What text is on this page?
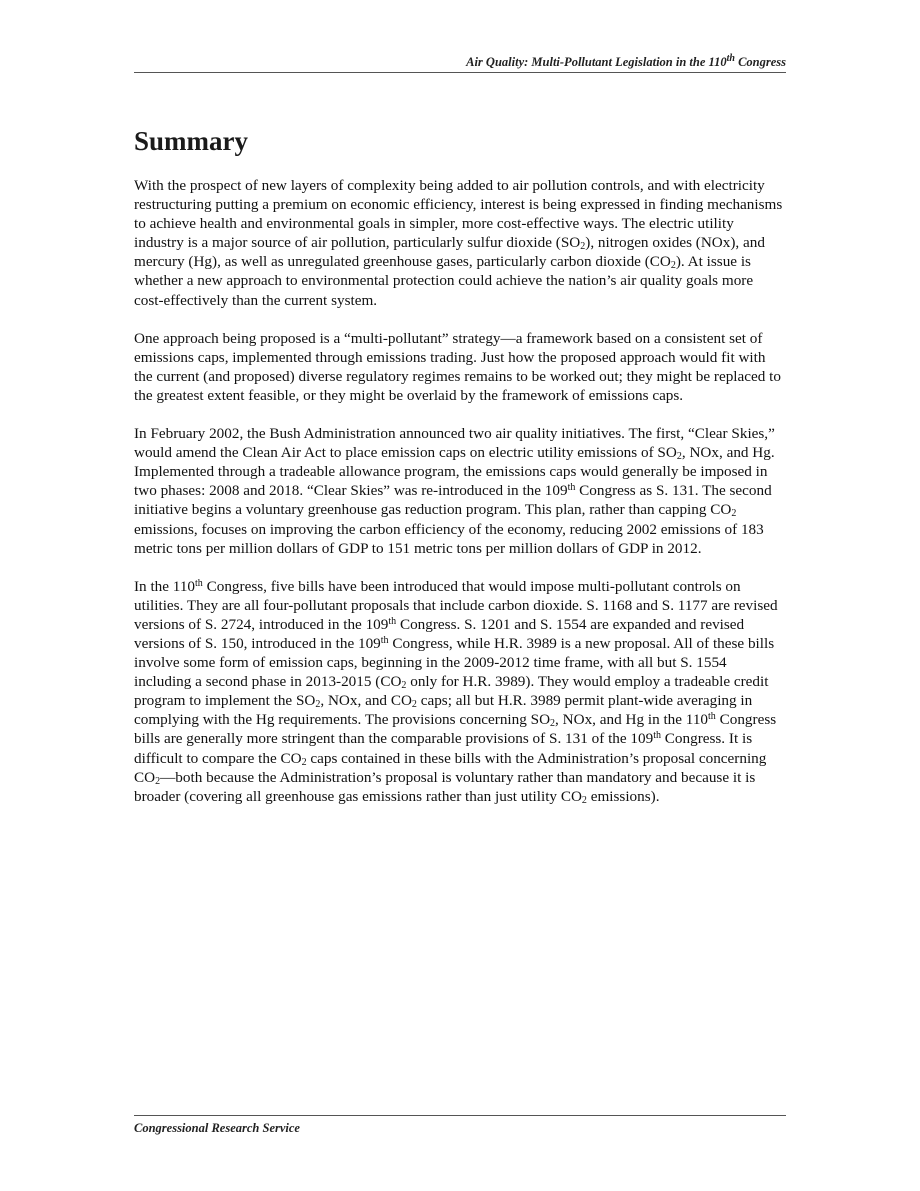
Air Quality: Multi-Pollutant Legislation in the 110th Congress
Summary

With the prospect of new layers of complexity being added to air pollution controls, and with electricity restructuring putting a premium on economic efficiency, interest is being expressed in finding mechanisms to achieve health and environmental goals in simpler, more cost-effective ways. The electric utility industry is a major source of air pollution, particularly sulfur dioxide $(SO_2)$, nitrogen oxides (NOx), and mercury (Hg), as well as unregulated greenhouse gases, particularly carbon dioxide $(CO_2)$. At issue is whether a new approach to environmental protection could achieve the nation’s air quality goals more cost-effectively than the current system.

One approach being proposed is a “multi-pollutant” strategy—a framework based on a consistent set of emissions caps, implemented through emissions trading. Just how the proposed approach would fit with the current (and proposed) diverse regulatory regimes remains to be worked out; they might be replaced to the greatest extent feasible, or they might be overlaid by the framework of emissions caps.

In February 2002, the Bush Administration announced two air quality initiatives. The first, “Clear Skies,” would amend the Clean Air Act to place emission caps on electric utility emissions of $SO_2$, NOx, and Hg. Implemented through a tradeable allowance program, the emissions caps would generally be imposed in two phases: 2008 and 2018. “Clear Skies” was re-introduced in the 109th Congress as S. 131. The second initiative begins a voluntary greenhouse gas reduction program. This plan, rather than capping $CO_2$ emissions, focuses on improving the carbon efficiency of the economy, reducing 2002 emissions of 183 metric tons per million dollars of GDP to 151 metric tons per million dollars of GDP in 2012.

In the 110th Congress, five bills have been introduced that would impose multi-pollutant controls on utilities. They are all four-pollutant proposals that include carbon dioxide. S. 1168 and S. 1177 are revised versions of S. 2724, introduced in the 109th Congress. S. 1201 and S. 1554 are expanded and revised versions of S. 150, introduced in the 109th Congress, while H.R. 3989 is a new proposal. All of these bills involve some form of emission caps, beginning in the 2009-2012 time frame, with all but S. 1554 including a second phase in 2013-2015 ($CO_2$ only for H.R. 3989). They would employ a tradeable credit program to implement the $SO_2$, NOx, and $CO_2$ caps; all but H.R. 3989 permit plant-wide averaging in complying with the Hg requirements. The provisions concerning $SO_2$, NOx, and Hg in the 110th Congress bills are generally more stringent than the comparable provisions of S. 131 of the 109th Congress. It is difficult to compare the $CO_2$ caps contained in these bills with the Administration’s proposal concerning $CO_2—both$ because the Administration’s proposal is voluntary rather than mandatory and because it is broader (covering all greenhouse gas emissions rather than just utility $CO_2$ emissions).

Congressional Research Service
